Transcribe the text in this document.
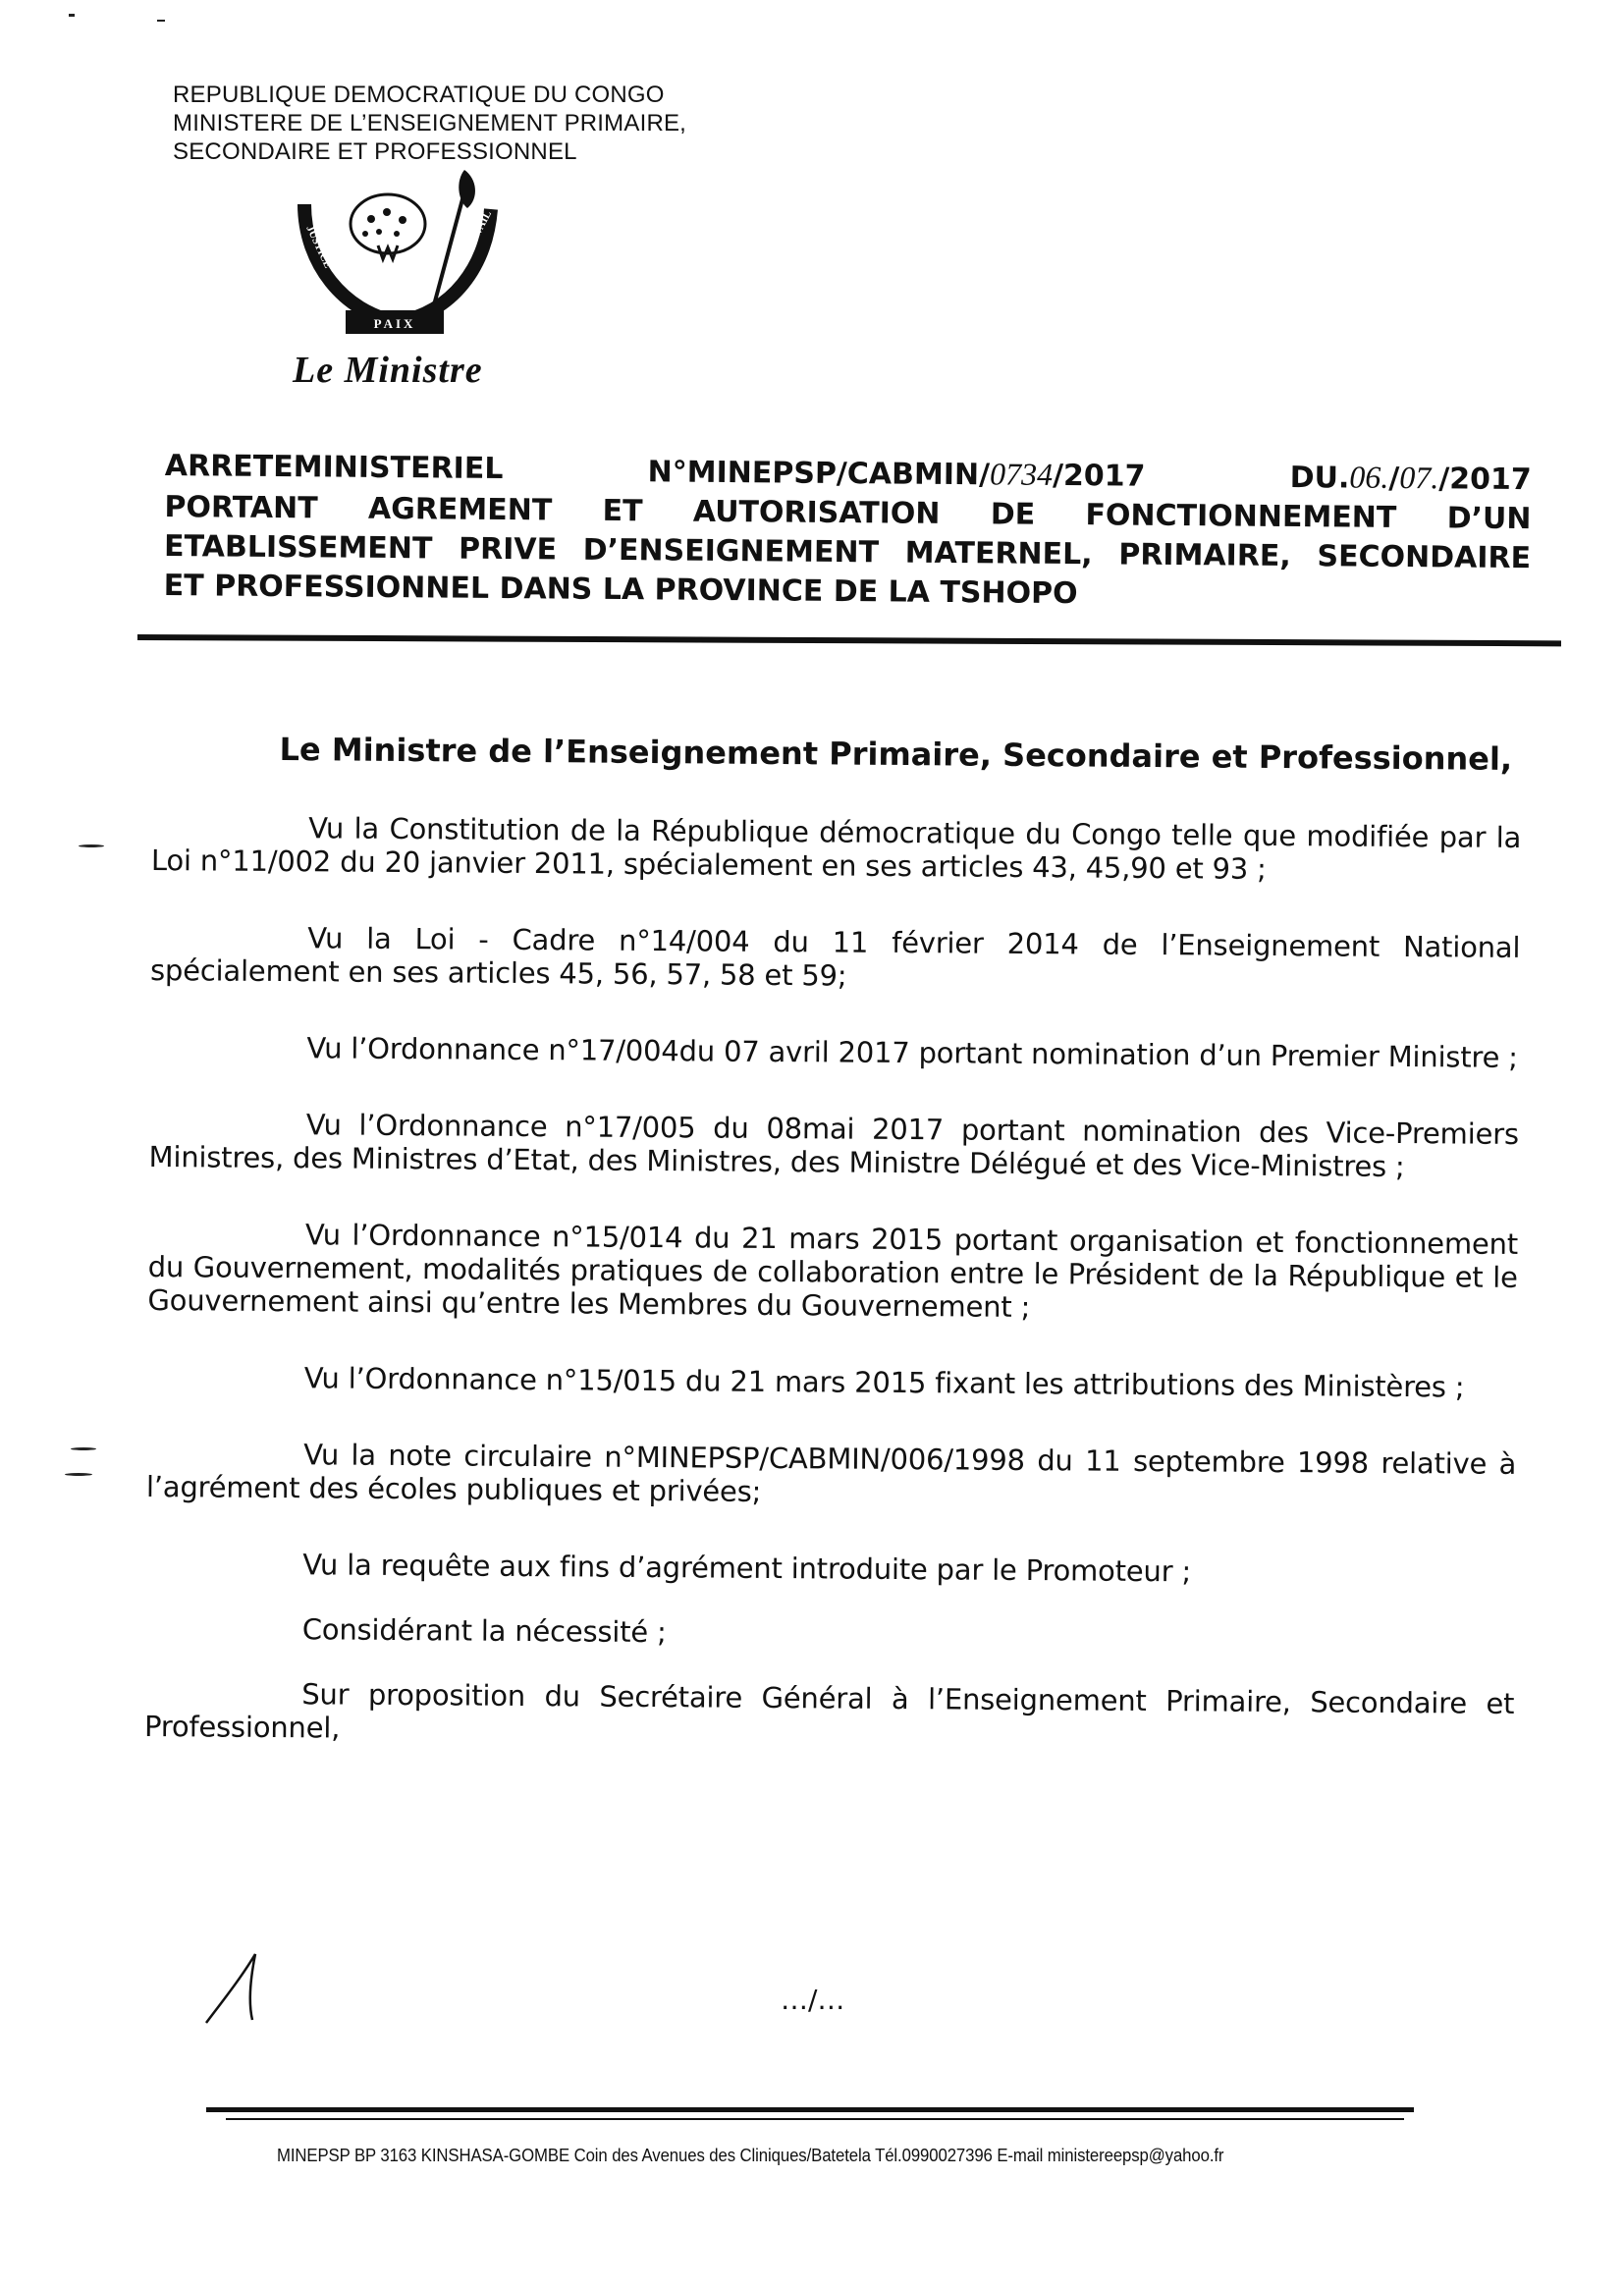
REPUBLIQUE DEMOCRATIQUE DU CONGO
MINISTERE DE L’ENSEIGNEMENT PRIMAIRE,
SECONDAIRE ET PROFESSIONNEL
JUSTICE	TRAVAIL
PAIX
Le Ministre
ARRETEMINISTERIEL	N°MINEPSP/CABMIN/0734/2017	DU.06./07./2017
PORTANT AGREMENT ET AUTORISATION DE FONCTIONNEMENT D’UN
ETABLISSEMENT PRIVE D’ENSEIGNEMENT MATERNEL, PRIMAIRE, SECONDAIRE
ET PROFESSIONNEL DANS LA PROVINCE DE LA TSHOPO
Le Ministre de l’Enseignement Primaire, Secondaire et Professionnel,

Vu la Constitution de la République démocratique du Congo telle que modifiée par la Loi n°11/002 du 20 janvier 2011, spécialement en ses articles 43, 45,90 et 93 ;

Vu la Loi - Cadre n°14/004 du 11 février 2014 de l’Enseignement National spécialement en ses articles 45, 56, 57, 58 et 59;

Vu l’Ordonnance n°17/004du 07 avril 2017 portant nomination d’un Premier Ministre ;

Vu l’Ordonnance n°17/005 du 08mai 2017 portant nomination des Vice-Premiers Ministres, des Ministres d’Etat, des Ministres, des Ministre Délégué et des Vice-Ministres ;

Vu l’Ordonnance n°15/014 du 21 mars 2015 portant organisation et fonctionnement du Gouvernement, modalités pratiques de collaboration entre le Président de la République et le Gouvernement ainsi qu’entre les Membres du Gouvernement ;

Vu l’Ordonnance n°15/015 du 21 mars 2015 fixant les attributions des Ministères ;

Vu la note circulaire n°MINEPSP/CABMIN/006/1998 du 11 septembre 1998 relative à l’agrément des écoles publiques et privées;

Vu la requête aux fins d’agrément introduite par le Promoteur ;

Considérant la nécessité ;

Sur proposition du Secrétaire Général à l’Enseignement Primaire, Secondaire et Professionnel,

…/…
MINEPSP BP 3163 KINSHASA-GOMBE Coin des Avenues des Cliniques/Batetela Tél.0990027396 E-mail ministereepsp@yahoo.fr
